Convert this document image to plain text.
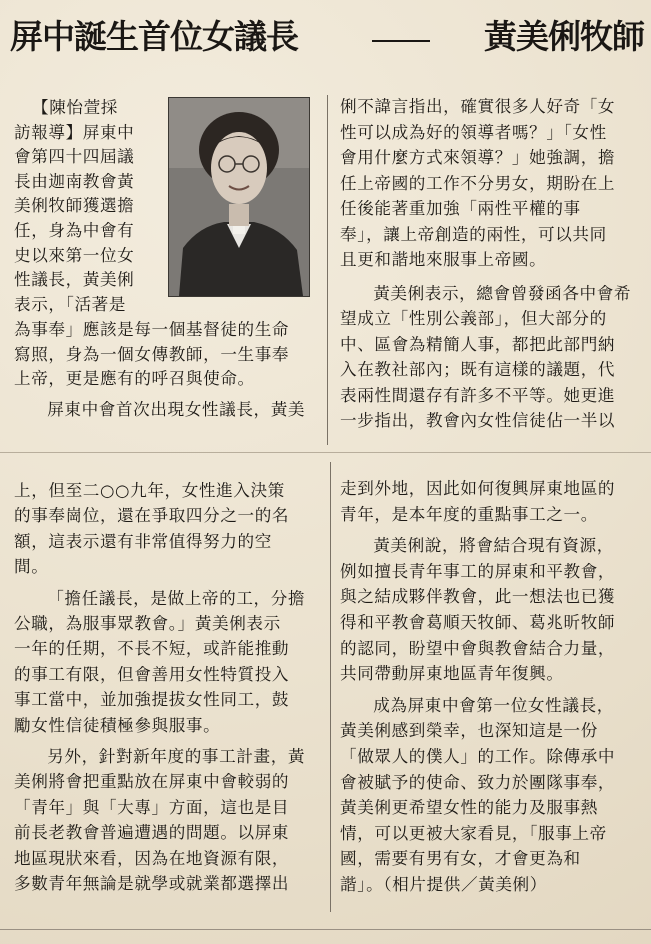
屏中誕生首位女議長	黃美俐牧師

【陳怡萱採

訪報導】屏東中

會第四十四屆議

長由迦南教會黃

美俐牧師獲選擔

任，身為中會有

史以來第一位女

性議長，黃美俐

表示，「活著是

為事奉」應該是每一個基督徒的生命

寫照，身為一個女傳教師，一生事奉

上帝，更是應有的呼召與使命。

屏東中會首次出現女性議長，黃美

俐不諱言指出，確實很多人好奇「女

性可以成為好的領導者嗎？」「女性

會用什麼方式來領導？」她強調，擔

任上帝國的工作不分男女，期盼在上

任後能著重加強「兩性平權的事

奉」，讓上帝創造的兩性，可以共同

且更和諧地來服事上帝國。

黃美俐表示，總會曾發函各中會希

望成立「性別公義部」，但大部分的

中、區會為精簡人事，都把此部門納

入在教社部內；既有這樣的議題，代

表兩性間還存有許多不平等。她更進

一步指出，教會內女性信徒佔一半以

上，但至二○○九年，女性進入決策

的事奉崗位，還在爭取四分之一的名

額，這表示還有非常值得努力的空

間。

「擔任議長，是做上帝的工，分擔

公職，為服事眾教會。」黃美俐表示

一年的任期，不長不短，或許能推動

的事工有限，但會善用女性特質投入

事工當中，並加強提拔女性同工，鼓

勵女性信徒積極參與服事。

另外，針對新年度的事工計畫，黃

美俐將會把重點放在屏東中會較弱的

「青年」與「大專」方面，這也是目

前長老教會普遍遭遇的問題。以屏東

地區現狀來看，因為在地資源有限，

多數青年無論是就學或就業都選擇出

走到外地，因此如何復興屏東地區的

青年，是本年度的重點事工之一。

黃美俐說，將會結合現有資源，

例如擅長青年事工的屏東和平教會，

與之結成夥伴教會，此一想法也已獲

得和平教會葛順天牧師、葛兆昕牧師

的認同，盼望中會與教會結合力量，

共同帶動屏東地區青年復興。

成為屏東中會第一位女性議長，

黃美俐感到榮幸，也深知這是一份

「做眾人的僕人」的工作。除傳承中

會被賦予的使命、致力於團隊事奉，

黃美俐更希望女性的能力及服事熱

情，可以更被大家看見，「服事上帝

國，需要有男有女，才會更為和

諧」。（相片提供／黃美俐）
